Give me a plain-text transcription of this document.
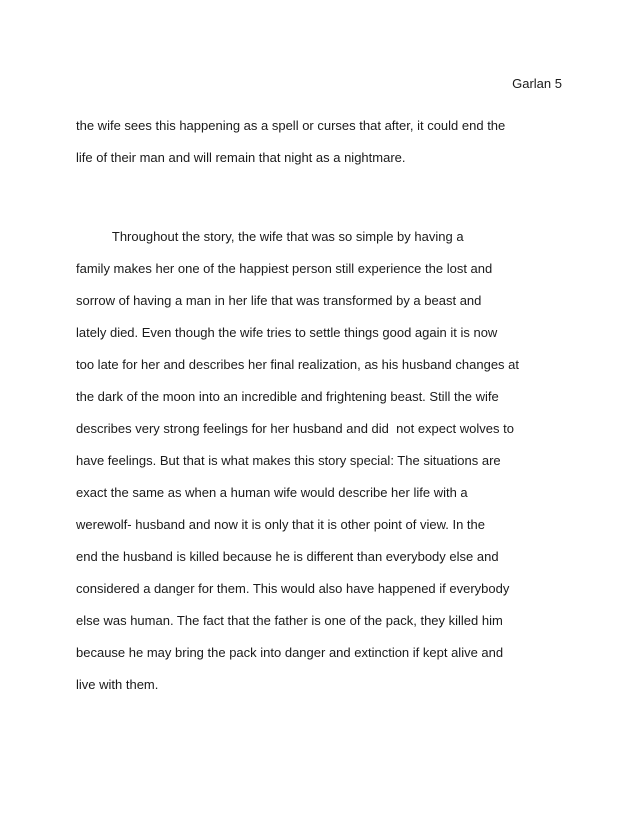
Garlan 5
the wife sees this happening as a spell or curses that after, it could end the
life of their man and will remain that night as a nightmare.
Throughout the story, the wife that was so simple by having a
family makes her one of the happiest person still experience the lost and
sorrow of having a man in her life that was transformed by a beast and
lately died. Even though the wife tries to settle things good again it is now
too late for her and describes her final realization, as his husband changes at
the dark of the moon into an incredible and frightening beast. Still the wife
describes very strong feelings for her husband and did  not expect wolves to
have feelings. But that is what makes this story special: The situations are
exact the same as when a human wife would describe her life with a
werewolf- husband and now it is only that it is other point of view. In the
end the husband is killed because he is different than everybody else and
considered a danger for them. This would also have happened if everybody
else was human. The fact that the father is one of the pack, they killed him
because he may bring the pack into danger and extinction if kept alive and
live with them.
